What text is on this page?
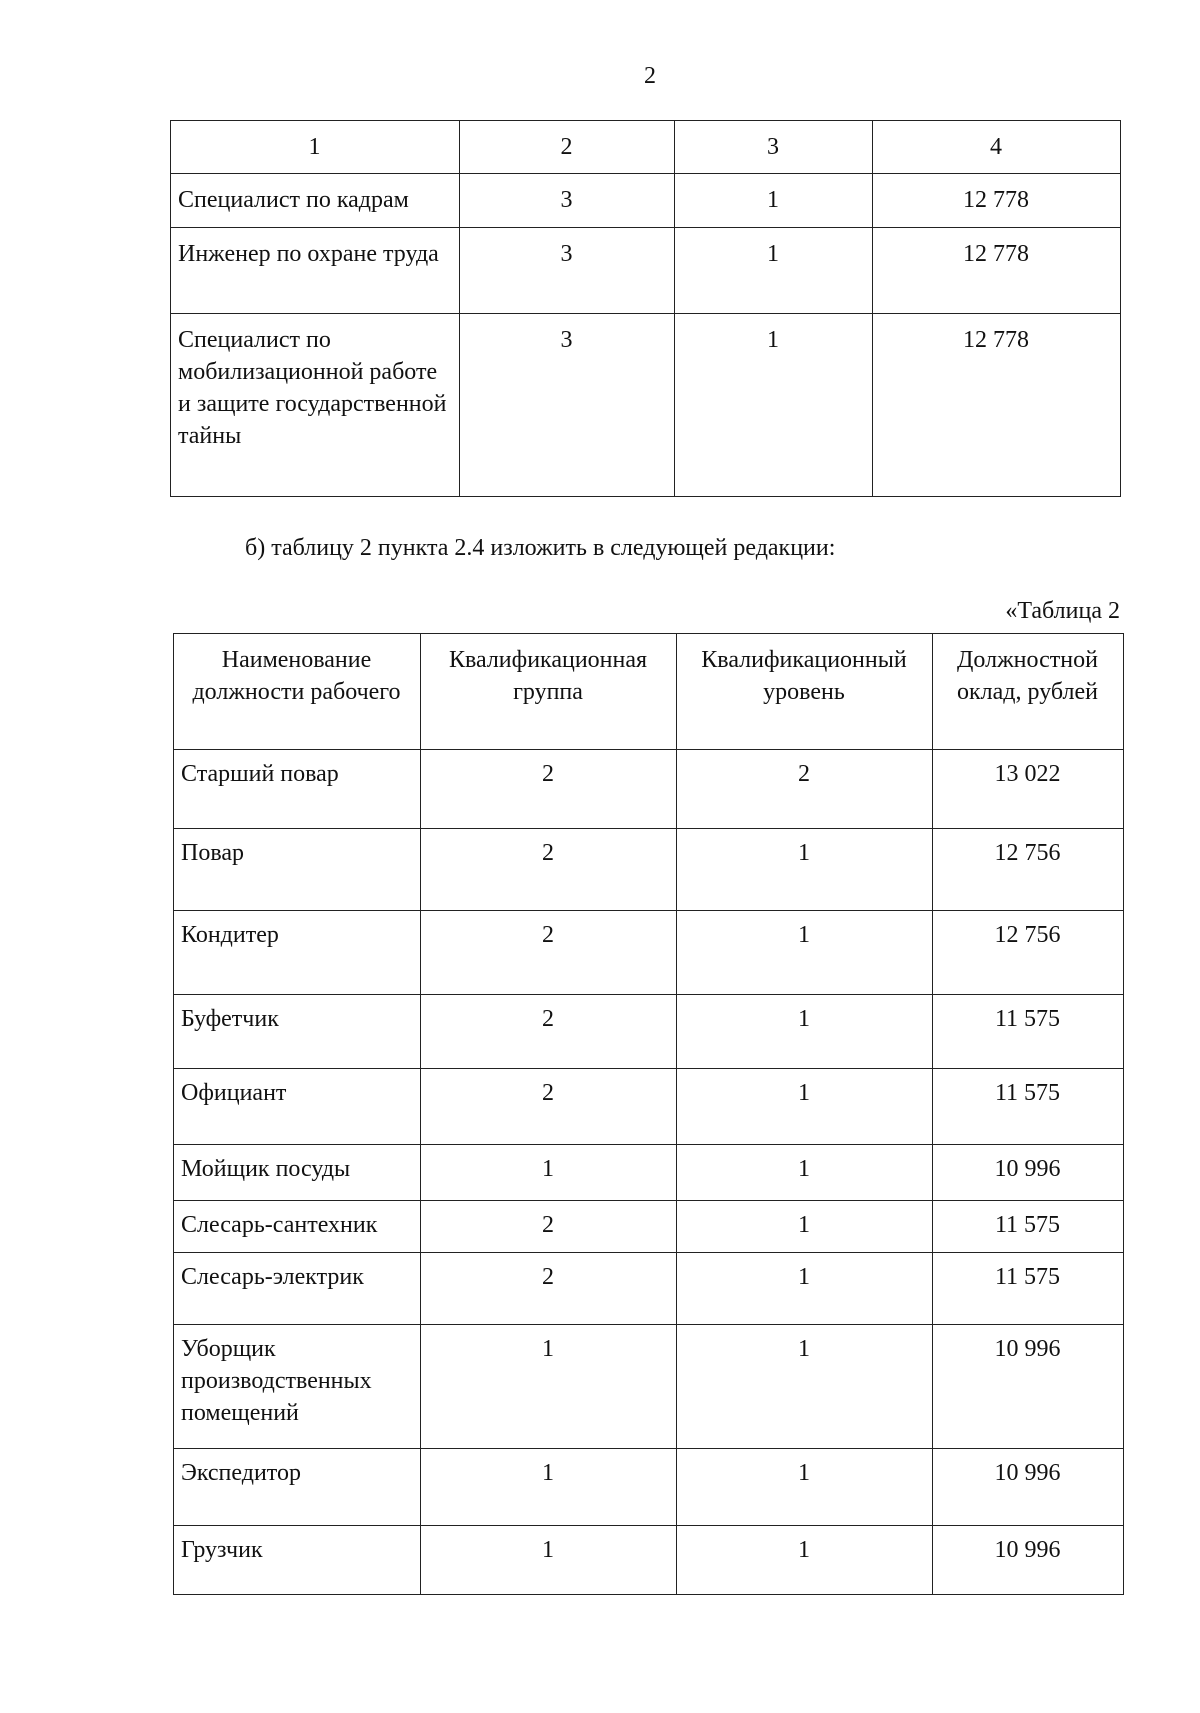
2
1	2	3	4
Специалист по кадрам	3	1	12 778
Инженер по охране труда	3	1	12 778
Специалист по мобилизационной работе и защите государственной тайны	3	1	12 778
б) таблицу 2 пункта 2.4 изложить в следующей редакции:
«Таблица 2
Наименование должности рабочего	Квалификационная группа	Квалификационный уровень	Должностной оклад, рублей
Старший повар	2	2	13 022
Повар	2	1	12 756
Кондитер	2	1	12 756
Буфетчик	2	1	11 575
Официант	2	1	11 575
Мойщик посуды	1	1	10 996
Слесарь-сантехник	2	1	11 575
Слесарь-электрик	2	1	11 575
Уборщик производственных помещений	1	1	10 996
Экспедитор	1	1	10 996
Грузчик	1	1	10 996
